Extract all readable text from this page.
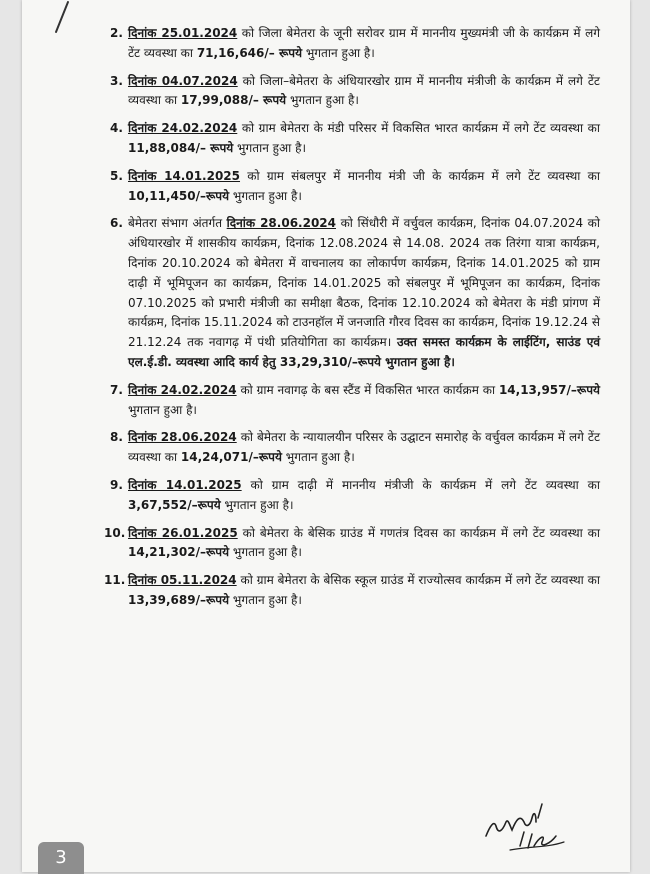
2. दिनांक 25.01.2024 को जिला बेमेतरा के जूनी सरोवर ग्राम में माननीय मुख्यमंत्री जी के कार्यक्रम में लगे टेंट व्यवस्था का 71,16,646/– रूपये भुगतान हुआ है।
3. दिनांक 04.07.2024 को जिला–बेमेतरा के अंधियारखोर ग्राम में माननीय मंत्रीजी के कार्यक्रम में लगे टेंट व्यवस्था का 17,99,088/– रूपये भुगतान हुआ है।
4. दिनांक 24.02.2024 को ग्राम बेमेतरा के मंडी परिसर में विकसित भारत कार्यक्रम में लगे टेंट व्यवस्था का 11,88,084/– रूपये भुगतान हुआ है।
5. दिनांक 14.01.2025 को ग्राम संबलपुर में माननीय मंत्री जी के कार्यक्रम में लगे टेंट व्यवस्था का 10,11,450/–रूपये भुगतान हुआ है।
6. बेमेतरा संभाग अंतर्गत दिनांक 28.06.2024 को सिंधौरी में वर्चुवल कार्यक्रम, दिनांक 04.07.2024 को अंधियारखोर में शासकीय कार्यक्रम, दिनांक 12.08.2024 से 14.08. 2024 तक तिरंगा यात्रा कार्यक्रम, दिनांक 20.10.2024 को बेमेतरा में वाचनालय का लोकार्पण कार्यक्रम, दिनांक 14.01.2025 को ग्राम दाढ़ी में भूमिपूजन का कार्यक्रम, दिनांक 14.01.2025 को संबलपुर में भूमिपूजन का कार्यक्रम, दिनांक 07.10.2025 को प्रभारी मंत्रीजी का समीक्षा बैठक, दिनांक 12.10.2024 को बेमेतरा के मंडी प्रांगण में कार्यक्रम, दिनांक 15.11.2024 को टाउनहॉल में जनजाति गौरव दिवस का कार्यक्रम, दिनांक 19.12.24 से 21.12.24 तक नवागढ़ में पंथी प्रतियोगिता का कार्यक्रम। उक्त समस्त कार्यक्रम के लाईटिंग, साउंड एवं एल.ई.डी. व्यवस्था आदि कार्य हेतु 33,29,310/–रूपये भुगतान हुआ है।
7. दिनांक 24.02.2024 को ग्राम नवागढ़ के बस स्टैंड में विकसित भारत कार्यक्रम का 14,13,957/–रूपये भुगतान हुआ है।
8. दिनांक 28.06.2024 को बेमेतरा के न्यायालयीन परिसर के उद्घाटन समारोह के वर्चुवल कार्यक्रम में लगे टेंट व्यवस्था का 14,24,071/–रूपये भुगतान हुआ है।
9. दिनांक 14.01.2025 को ग्राम दाढ़ी में माननीय मंत्रीजी के कार्यक्रम में लगे टेंट व्यवस्था का 3,67,552/–रूपये भुगतान हुआ है।
10. दिनांक 26.01.2025 को बेमेतरा के बेसिक ग्राउंड में गणतंत्र दिवस का कार्यक्रम में लगे टेंट व्यवस्था का 14,21,302/–रूपये भुगतान हुआ है।
11. दिनांक 05.11.2024 को ग्राम बेमेतरा के बेसिक स्कूल ग्राउंड में राज्योत्सव कार्यक्रम में लगे टेंट व्यवस्था का 13,39,689/–रूपये भुगतान हुआ है।
3
